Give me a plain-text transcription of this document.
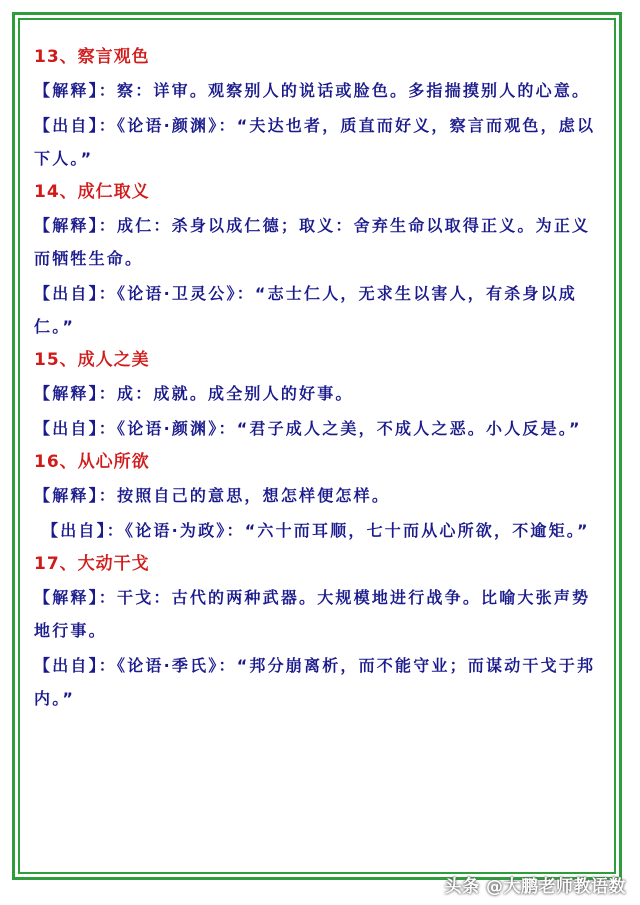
13、察言观色
【解释】：察：详审。观察别人的说话或脸色。多指揣摸别人的心意。
【出自】：《论语·颜渊》：“夫达也者，质直而好义，察言而观色，虑以下人。”
14、成仁取义
【解释】：成仁：杀身以成仁德；取义：舍弃生命以取得正义。为正义而牺牲生命。
【出自】：《论语·卫灵公》：“志士仁人，无求生以害人，有杀身以成仁。”
15、成人之美
【解释】：成：成就。成全别人的好事。
【出自】：《论语·颜渊》：“君子成人之美，不成人之恶。小人反是。”
16、从心所欲
【解释】：按照自己的意思，想怎样便怎样。
【出自】：《论语·为政》：“六十而耳顺，七十而从心所欲，不逾矩。”
17、大动干戈
【解释】：干戈：古代的两种武器。大规模地进行战争。比喻大张声势地行事。
【出自】：《论语·季氏》：“邦分崩离析，而不能守业；而谋动干戈于邦内。”
头条 @大鹏老师教语数
